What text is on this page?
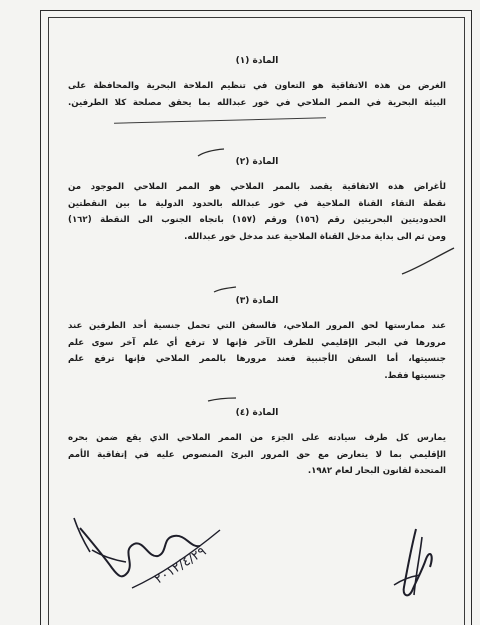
المادة (١)
الغرض من هذه الاتفاقية هو التعاون في تنظيم الملاحة البحرية والمحافظة على
البيئة البحرية في الممر الملاحي في خور عبدالله بما يحقق مصلحة كلا الطرفين.
المادة (٢)
لأغراض هذه الاتفاقية يقصد بالممر الملاحي هو الممر الملاحي الموجود من
نقطة التقاء القناة الملاحية في خور عبدالله بالحدود الدولية ما بين النقطتين
الحدوديتين البحريتين رقم (١٥٦) ورقم (١٥٧) باتجاه الجنوب الى النقطة (١٦٢)
ومن ثم الى بداية مدخل القناة الملاحية عند مدخل خور عبدالله.
المادة (٣)
عند ممارستها لحق المرور الملاحي، فالسفن التي تحمل جنسية أحد الطرفين عند
مرورها في البحر الإقليمي للطرف الآخر فإنها لا ترفع أي علم آخر سوى علم
جنسيتها، أما السفن الأجنبية فعند مرورها بالممر الملاحي فإنها ترفع علم
جنسيتها فقط.
المادة (٤)
يمارس كل طرف سيادته على الجزء من الممر الملاحي الذي يقع ضمن بحره
الإقليمي بما لا يتعارض مع حق المرور البرئ المنصوص عليه في إتفاقية الأمم
المتحدة لقانون البحار لعام ١٩٨٢.
٢٠١٢/٤/٢٩
